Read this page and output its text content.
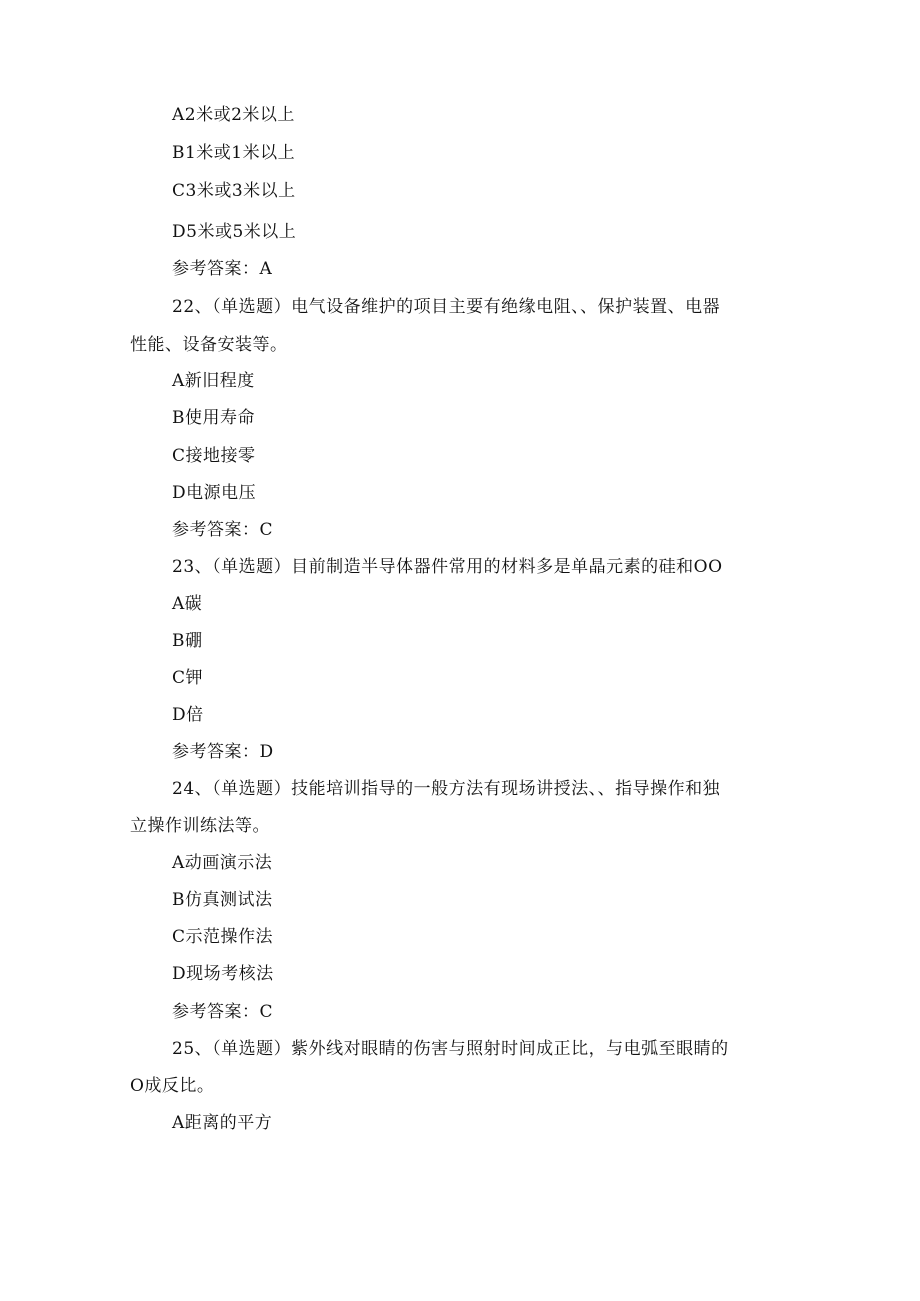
A2米或2米以上
B1米或1米以上
C3米或3米以上
D5米或5米以上
参考答案：A
22、（单选题）电气设备维护的项目主要有绝缘电阻、、保护装置、电器
性能、设备安装等。
A新旧程度
B使用寿命
C接地接零
D电源电压
参考答案：C
23、（单选题）目前制造半导体器件常用的材料多是单晶元素的硅和OO
A碳
B硼
C钾
D倍
参考答案：D
24、（单选题）技能培训指导的一般方法有现场讲授法、、指导操作和独
立操作训练法等。
A动画演示法
B仿真测试法
C示范操作法
D现场考核法
参考答案：C
25、（单选题）紫外线对眼睛的伤害与照射时间成正比，与电弧至眼睛的
O成反比。
A距离的平方
